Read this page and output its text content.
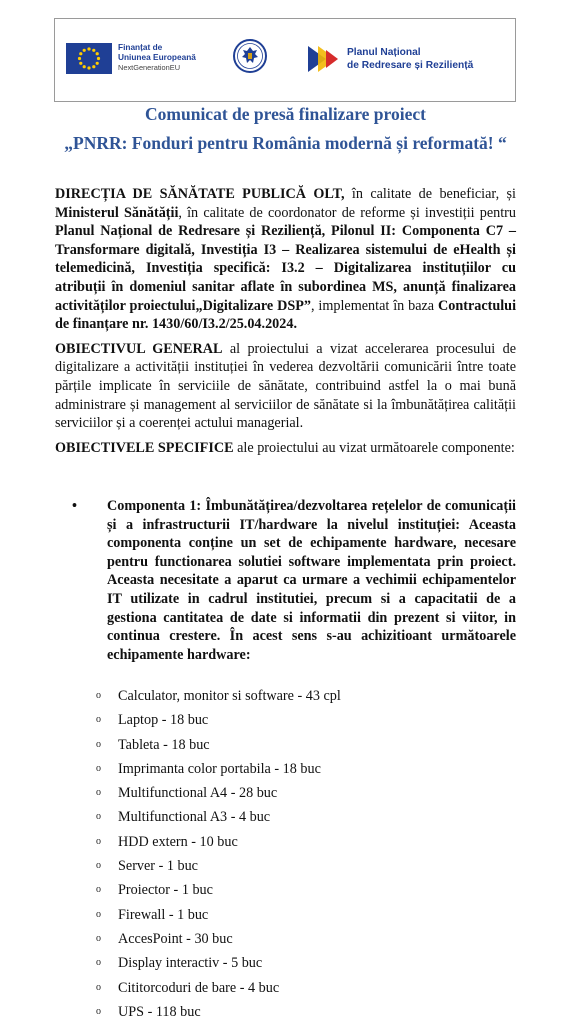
Finanțat de
Uniunea Europeană
NextGenerationEU
Planul Național
de Redresare și Reziliență
Comunicat de presă finalizare proiect
„PNRR: Fonduri pentru România modernă și reformată! “

DIRECȚIA DE SĂNĂTATE PUBLICĂ OLT, în calitate de beneficiar, și Ministerul Sănătății, în calitate de coordonator de reforme și investiții pentru Planul Național de Redresare și Reziliență, Pilonul II: Componenta C7 – Transformare digitală, Investiția I3 – Realizarea sistemului de eHealth și telemedicină, Investiția specifică: I3.2 – Digitalizarea instituțiilor cu atribuții în domeniul sanitar aflate în subordinea MS, anunță finalizarea activităților proiectului„Digitalizare DSP”, implementat în baza Contractului de finanțare nr. 1430/60/I3.2/25.04.2024.

OBIECTIVUL GENERAL al proiectului a vizat accelerarea procesului de digitalizare a activității instituției în vederea dezvoltării comunicării între toate părțile implicate în serviciile de sănătate, contribuind astfel la o mai bună administrare și management al serviciilor de sănătate si la îmbunătățirea calității serviciilor și a coerenței actului managerial.

OBIECTIVELE SPECIFICE ale proiectului au vizat următoarele componente:

• Componenta 1: Îmbunătățirea/dezvoltarea rețelelor de comunicații și a infrastructurii IT/hardware la nivelul instituției: Aceasta componenta conține un set de echipamente hardware, necesare pentru functionarea solutiei software implementata prin proiect. Aceasta necesitate a aparut ca urmare a vechimii echipamentelor IT utilizate in cadrul institutiei, precum si a capacitatii de a gestiona cantitatea de date si informatii din prezent si viitor, in continua crestere. În acest sens s-au achizitioant următoarele echipamente hardware:
o Calculator, monitor si software - 43 cpl
o Laptop - 18 buc
o Tableta - 18 buc
o Imprimanta color portabila - 18 buc
o Multifunctional A4 - 28 buc
o Multifunctional A3 - 4 buc
o HDD extern - 10 buc
o Server - 1 buc
o Proiector - 1 buc
o Firewall - 1 buc
o AccesPoint - 30 buc
o Display interactiv - 5 buc
o Cititorcoduri de bare - 4 buc
o UPS - 118 buc
